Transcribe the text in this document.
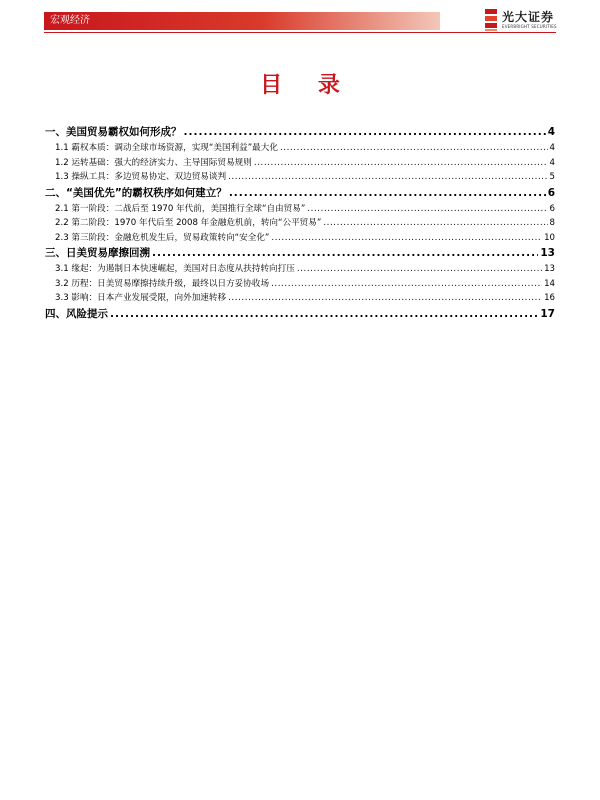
宏观经济	光大证券
EVERBRIGHT SECURITIES
目 录
一、美国贸易霸权如何形成？ .....	4
1.1 霸权本质：调动全球市场资源，实现“美国利益”最大化 .....	4
1.2 运转基础：强大的经济实力、主导国际贸易规则 .....	4
1.3 操纵工具：多边贸易协定、双边贸易谈判 .....	5
二、“美国优先”的霸权秩序如何建立？ .....	6
2.1 第一阶段：二战后至 1970 年代前，美国推行全球“自由贸易” .....	6
2.2 第二阶段：1970 年代后至 2008 年金融危机前，转向“公平贸易” .....	8
2.3 第三阶段：金融危机发生后，贸易政策转向“安全化” .....	10
三、日美贸易摩擦回溯 .....	13
3.1 缘起：为遏制日本快速崛起，美国对日态度从扶持转向打压 .....	13
3.2 历程：日美贸易摩擦持续升级，最终以日方妥协收场 .....	14
3.3 影响：日本产业发展受限，向外加速转移 .....	16
四、风险提示 .....	17
